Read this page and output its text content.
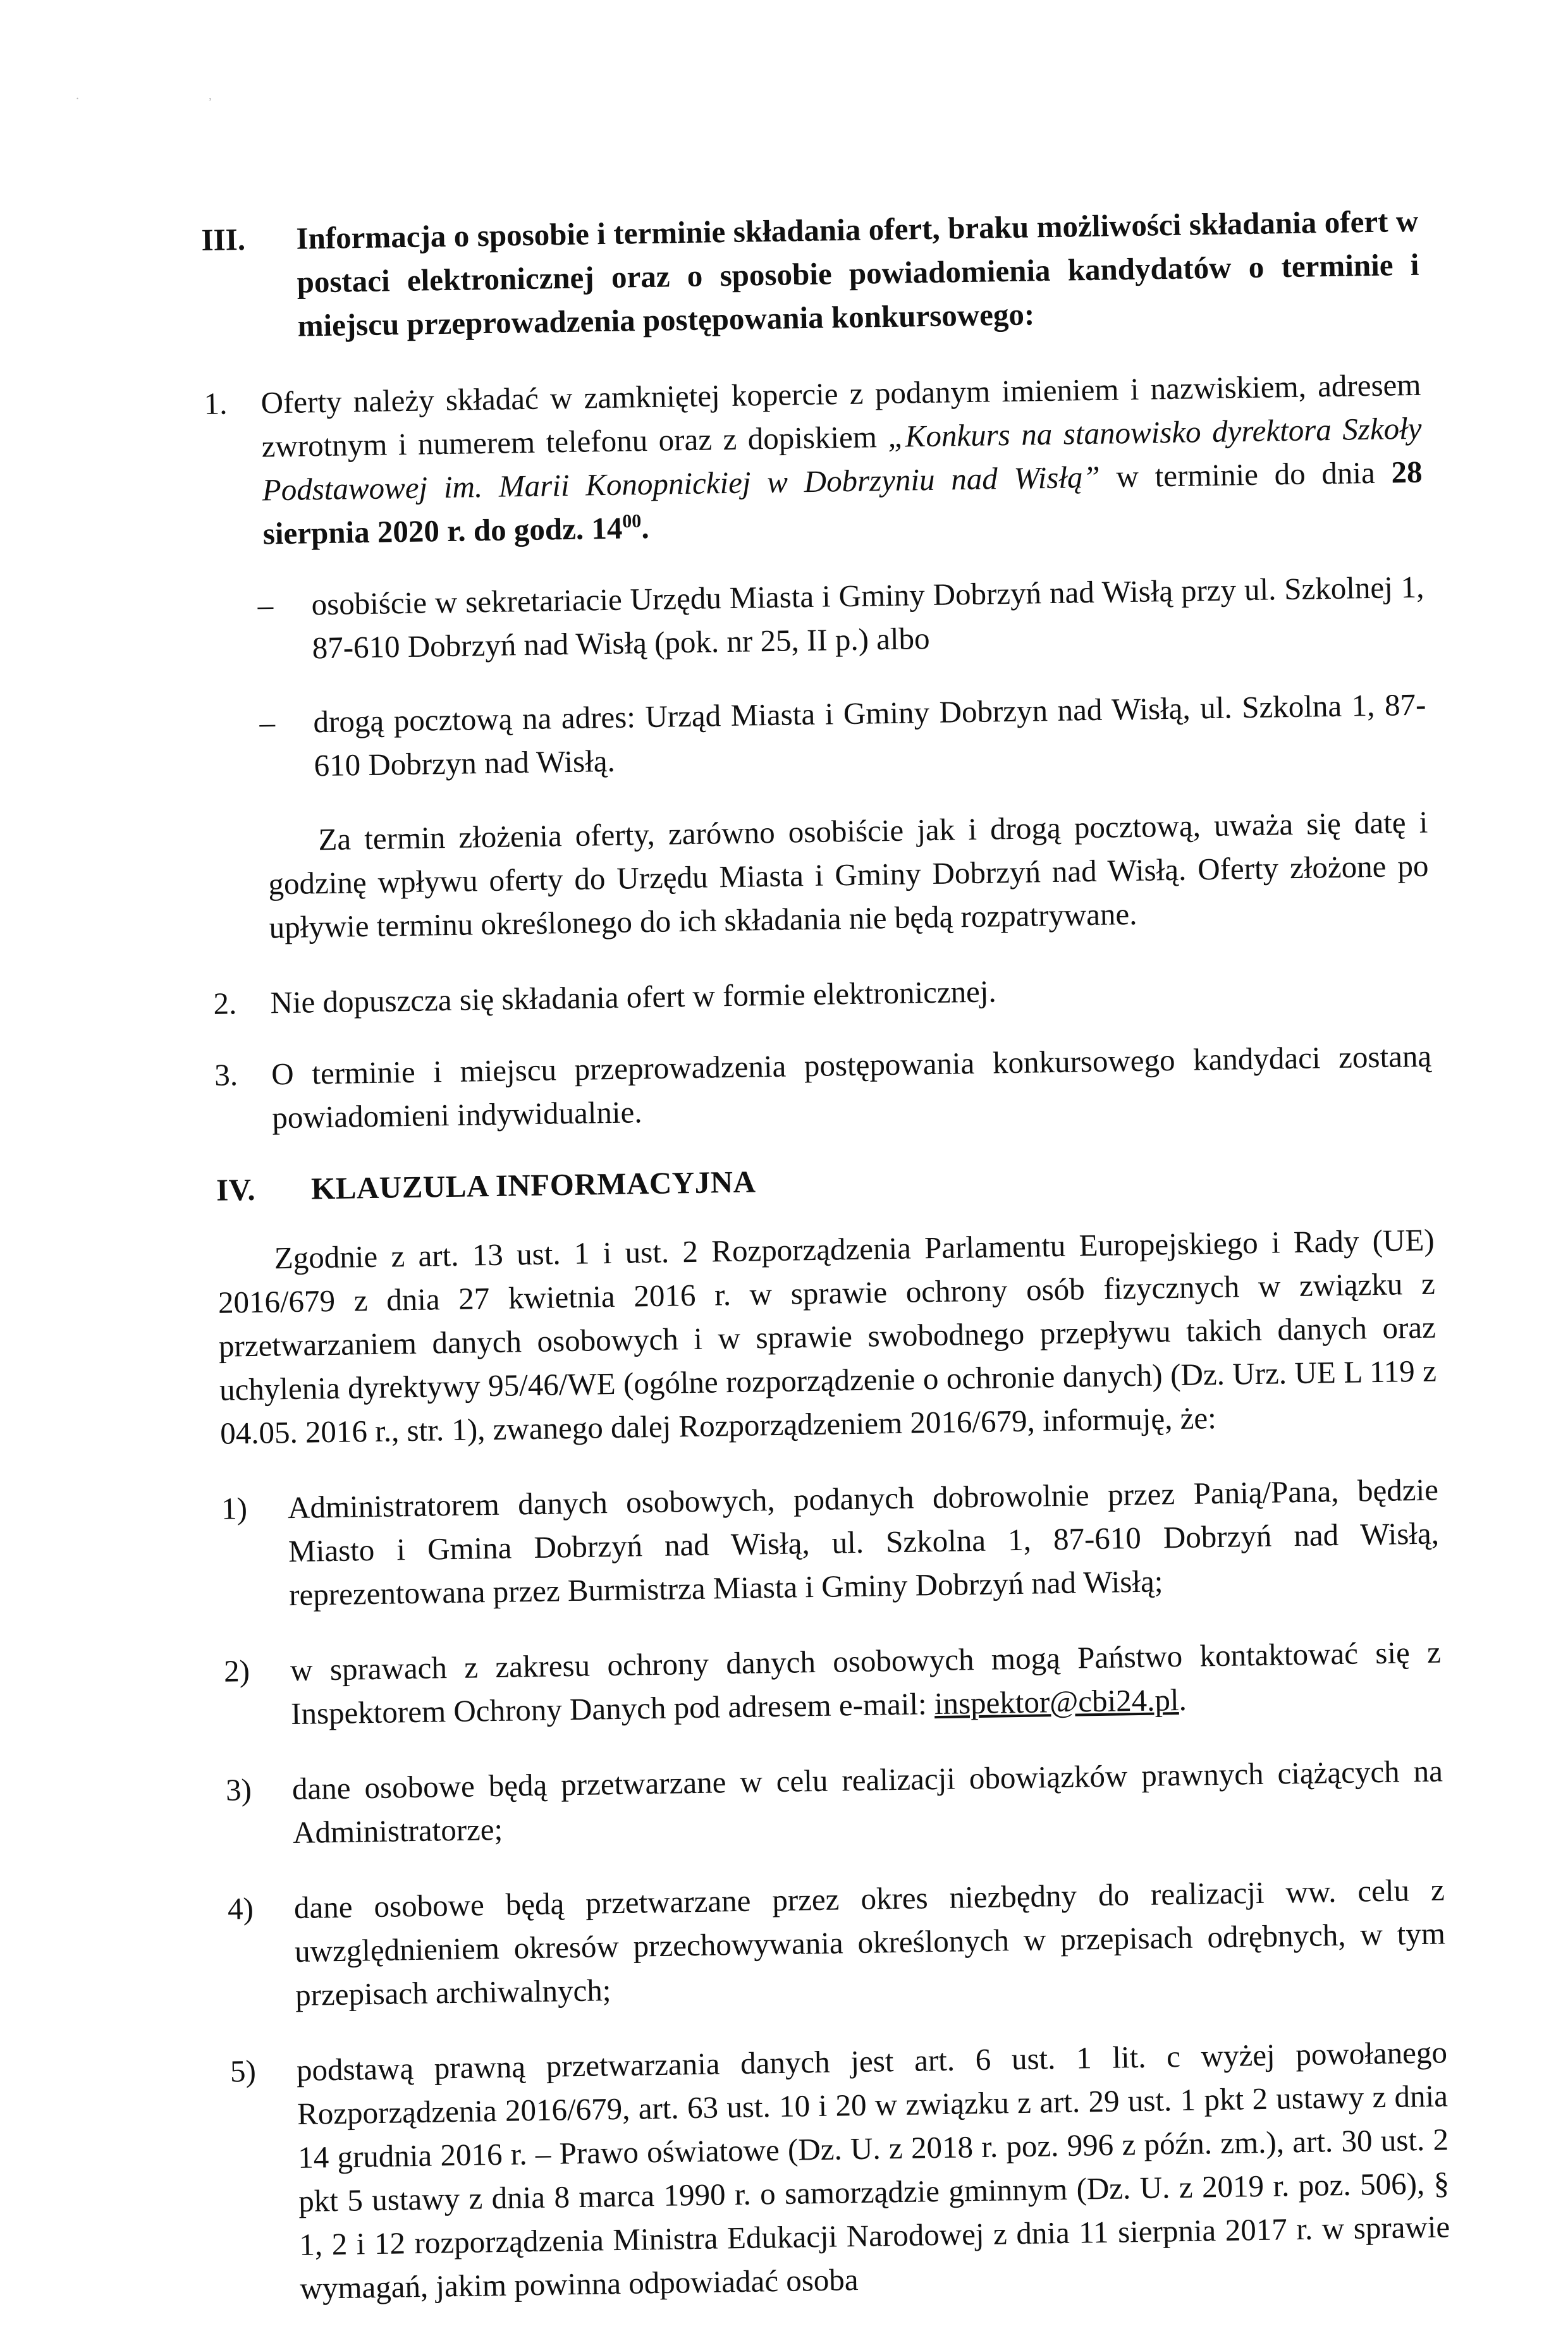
. ,
III. Informacja o sposobie i terminie składania ofert, braku możliwości składania ofert w postaci elektronicznej oraz o sposobie powiadomienia kandydatów o terminie i miejscu przeprowadzenia postępowania konkursowego:
1. Oferty należy składać w zamkniętej kopercie z podanym imieniem i nazwiskiem, adresem zwrotnym i numerem telefonu oraz z dopiskiem „Konkurs na stanowisko dyrektora Szkoły Podstawowej im. Marii Konopnickiej w Dobrzyniu nad Wisłą” w terminie do dnia 28 sierpnia 2020 r. do godz. $14^{00}$.
– osobiście w sekretariacie Urzędu Miasta i Gminy Dobrzyń nad Wisłą przy ul. Szkolnej 1, 87-610 Dobrzyń nad Wisłą (pok. nr 25, II p.) albo
– drogą pocztową na adres: Urząd Miasta i Gminy Dobrzyn nad Wisłą, ul. Szkolna 1, 87-610 Dobrzyn nad Wisłą.
Za termin złożenia oferty, zarówno osobiście jak i drogą pocztową, uważa się datę i godzinę wpływu oferty do Urzędu Miasta i Gminy Dobrzyń nad Wisłą. Oferty złożone po upływie terminu określonego do ich składania nie będą rozpatrywane.
2. Nie dopuszcza się składania ofert w formie elektronicznej.
3. O terminie i miejscu przeprowadzenia postępowania konkursowego kandydaci zostaną powiadomieni indywidualnie.
IV. KLAUZULA INFORMACYJNA
Zgodnie z art. 13 ust. 1 i ust. 2 Rozporządzenia Parlamentu Europejskiego i Rady (UE) 2016/679 z dnia 27 kwietnia 2016 r. w sprawie ochrony osób fizycznych w związku z przetwarzaniem danych osobowych i w sprawie swobodnego przepływu takich danych oraz uchylenia dyrektywy 95/46/WE (ogólne rozporządzenie o ochronie danych) (Dz. Urz. UE L 119 z 04.05. 2016 r., str. 1), zwanego dalej Rozporządzeniem 2016/679, informuję, że:
1) Administratorem danych osobowych, podanych dobrowolnie przez Panią/Pana, będzie Miasto i Gmina Dobrzyń nad Wisłą, ul. Szkolna 1, 87-610 Dobrzyń nad Wisłą, reprezentowana przez Burmistrza Miasta i Gminy Dobrzyń nad Wisłą;
2) w sprawach z zakresu ochrony danych osobowych mogą Państwo kontaktować się z Inspektorem Ochrony Danych pod adresem e-mail: inspektor@cbi24.pl.
3) dane osobowe będą przetwarzane w celu realizacji obowiązków prawnych ciążących na Administratorze;
4) dane osobowe będą przetwarzane przez okres niezbędny do realizacji ww. celu z uwzględnieniem okresów przechowywania określonych w przepisach odrębnych, w tym przepisach archiwalnych;
5) podstawą prawną przetwarzania danych jest art. 6 ust. 1 lit. c wyżej powołanego Rozporządzenia 2016/679, art. 63 ust. 10 i 20 w związku z art. 29 ust. 1 pkt 2 ustawy z dnia 14 grudnia 2016 r. – Prawo oświatowe (Dz. U. z 2018 r. poz. 996 z późn. zm.), art. 30 ust. 2 pkt 5 ustawy z dnia 8 marca 1990 r. o samorządzie gminnym (Dz. U. z 2019 r. poz. 506), § 1, 2 i 12 rozporządzenia Ministra Edukacji Narodowej z dnia 11 sierpnia 2017 r. w sprawie wymagań, jakim powinna odpowiadać osoba
